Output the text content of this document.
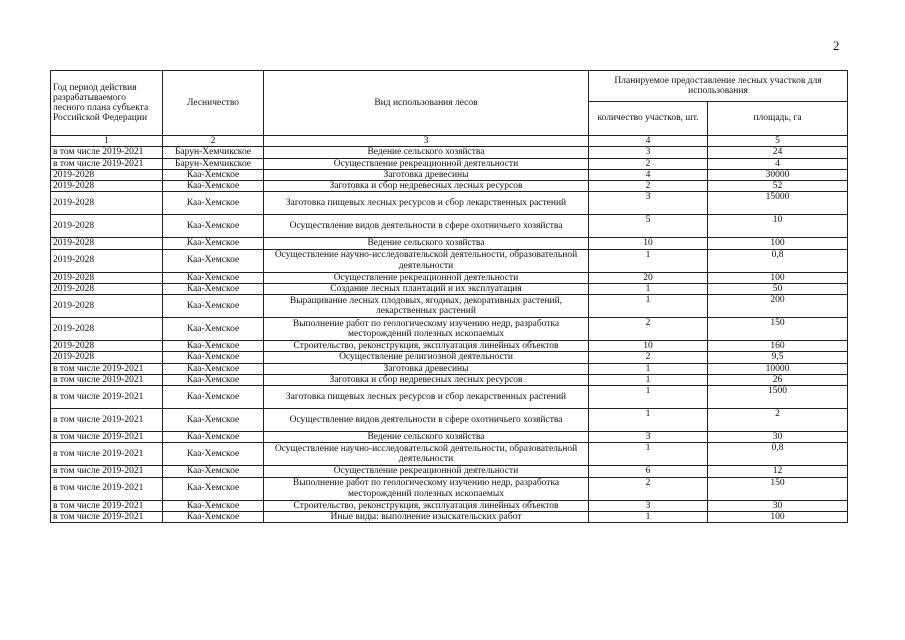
2
Год период действия разрабатываемого лесного плана субъекта Российской Федерации	Лесничество	Вид использования лесов	Планируемое предоставление лесных участков для использования	
			количество участков, шт.	площадь, га
1	2	3	4	5
в том числе 2019-2021	Барун-Хемчикское	Ведение сельского хозяйства	3	24
в том числе 2019-2021	Барун-Хемчикское	Осуществление рекреационной деятельности	2	4
2019-2028	Каа-Хемское	Заготовка древесины	4	30000
2019-2028	Каа-Хемское	Заготовка и сбор недревесных лесных ресурсов	2	52
2019-2028	Каа-Хемское	Заготовка пищевых лесных ресурсов и сбор лекарственных растений	3	15000
2019-2028	Каа-Хемское	Осуществление видов деятельности в сфере охотничьего хозяйства	5	10
2019-2028	Каа-Хемское	Ведение сельского хозяйства	10	100
2019-2028	Каа-Хемское	Осуществление научно-исследовательской деятельности, образовательной деятельности	1	0,8
2019-2028	Каа-Хемское	Осуществление рекреационной деятельности	20	100
2019-2028	Каа-Хемское	Создание лесных плантаций и их эксплуатация	1	50
2019-2028	Каа-Хемское	Выращивание лесных плодовых, ягодных, декоративных растений, лекарственных растений	1	200
2019-2028	Каа-Хемское	Выполнение работ по геологическому изучению недр, разработка месторождений полезных ископаемых	2	150
2019-2028	Каа-Хемское	Строительство, реконструкция, эксплуатация линейных объектов	10	160
2019-2028	Каа-Хемское	Осуществление религиозной деятельности	2	9,5
в том числе 2019-2021	Каа-Хемское	Заготовка древесины	1	10000
в том числе 2019-2021	Каа-Хемское	Заготовка и сбор недревесных лесных ресурсов	1	26
в том числе 2019-2021	Каа-Хемское	Заготовка пищевых лесных ресурсов и сбор лекарственных растений	1	1500
в том числе 2019-2021	Каа-Хемское	Осуществление видов деятельности в сфере охотничьего хозяйства	1	2
в том числе 2019-2021	Каа-Хемское	Ведение сельского хозяйства	3	30
в том числе 2019-2021	Каа-Хемское	Осуществление научно-исследовательской деятельности, образовательной деятельности	1	0,8
в том числе 2019-2021	Каа-Хемское	Осуществление рекреационной деятельности	6	12
в том числе 2019-2021	Каа-Хемское	Выполнение работ по геологическому изучению недр, разработка месторождений полезных ископаемых	2	150
в том числе 2019-2021	Каа-Хемское	Строительство, реконструкция, эксплуатация линейных объектов	3	30
в том числе 2019-2021	Каа-Хемское	Иные виды: выполнение изыскательских работ	1	100
